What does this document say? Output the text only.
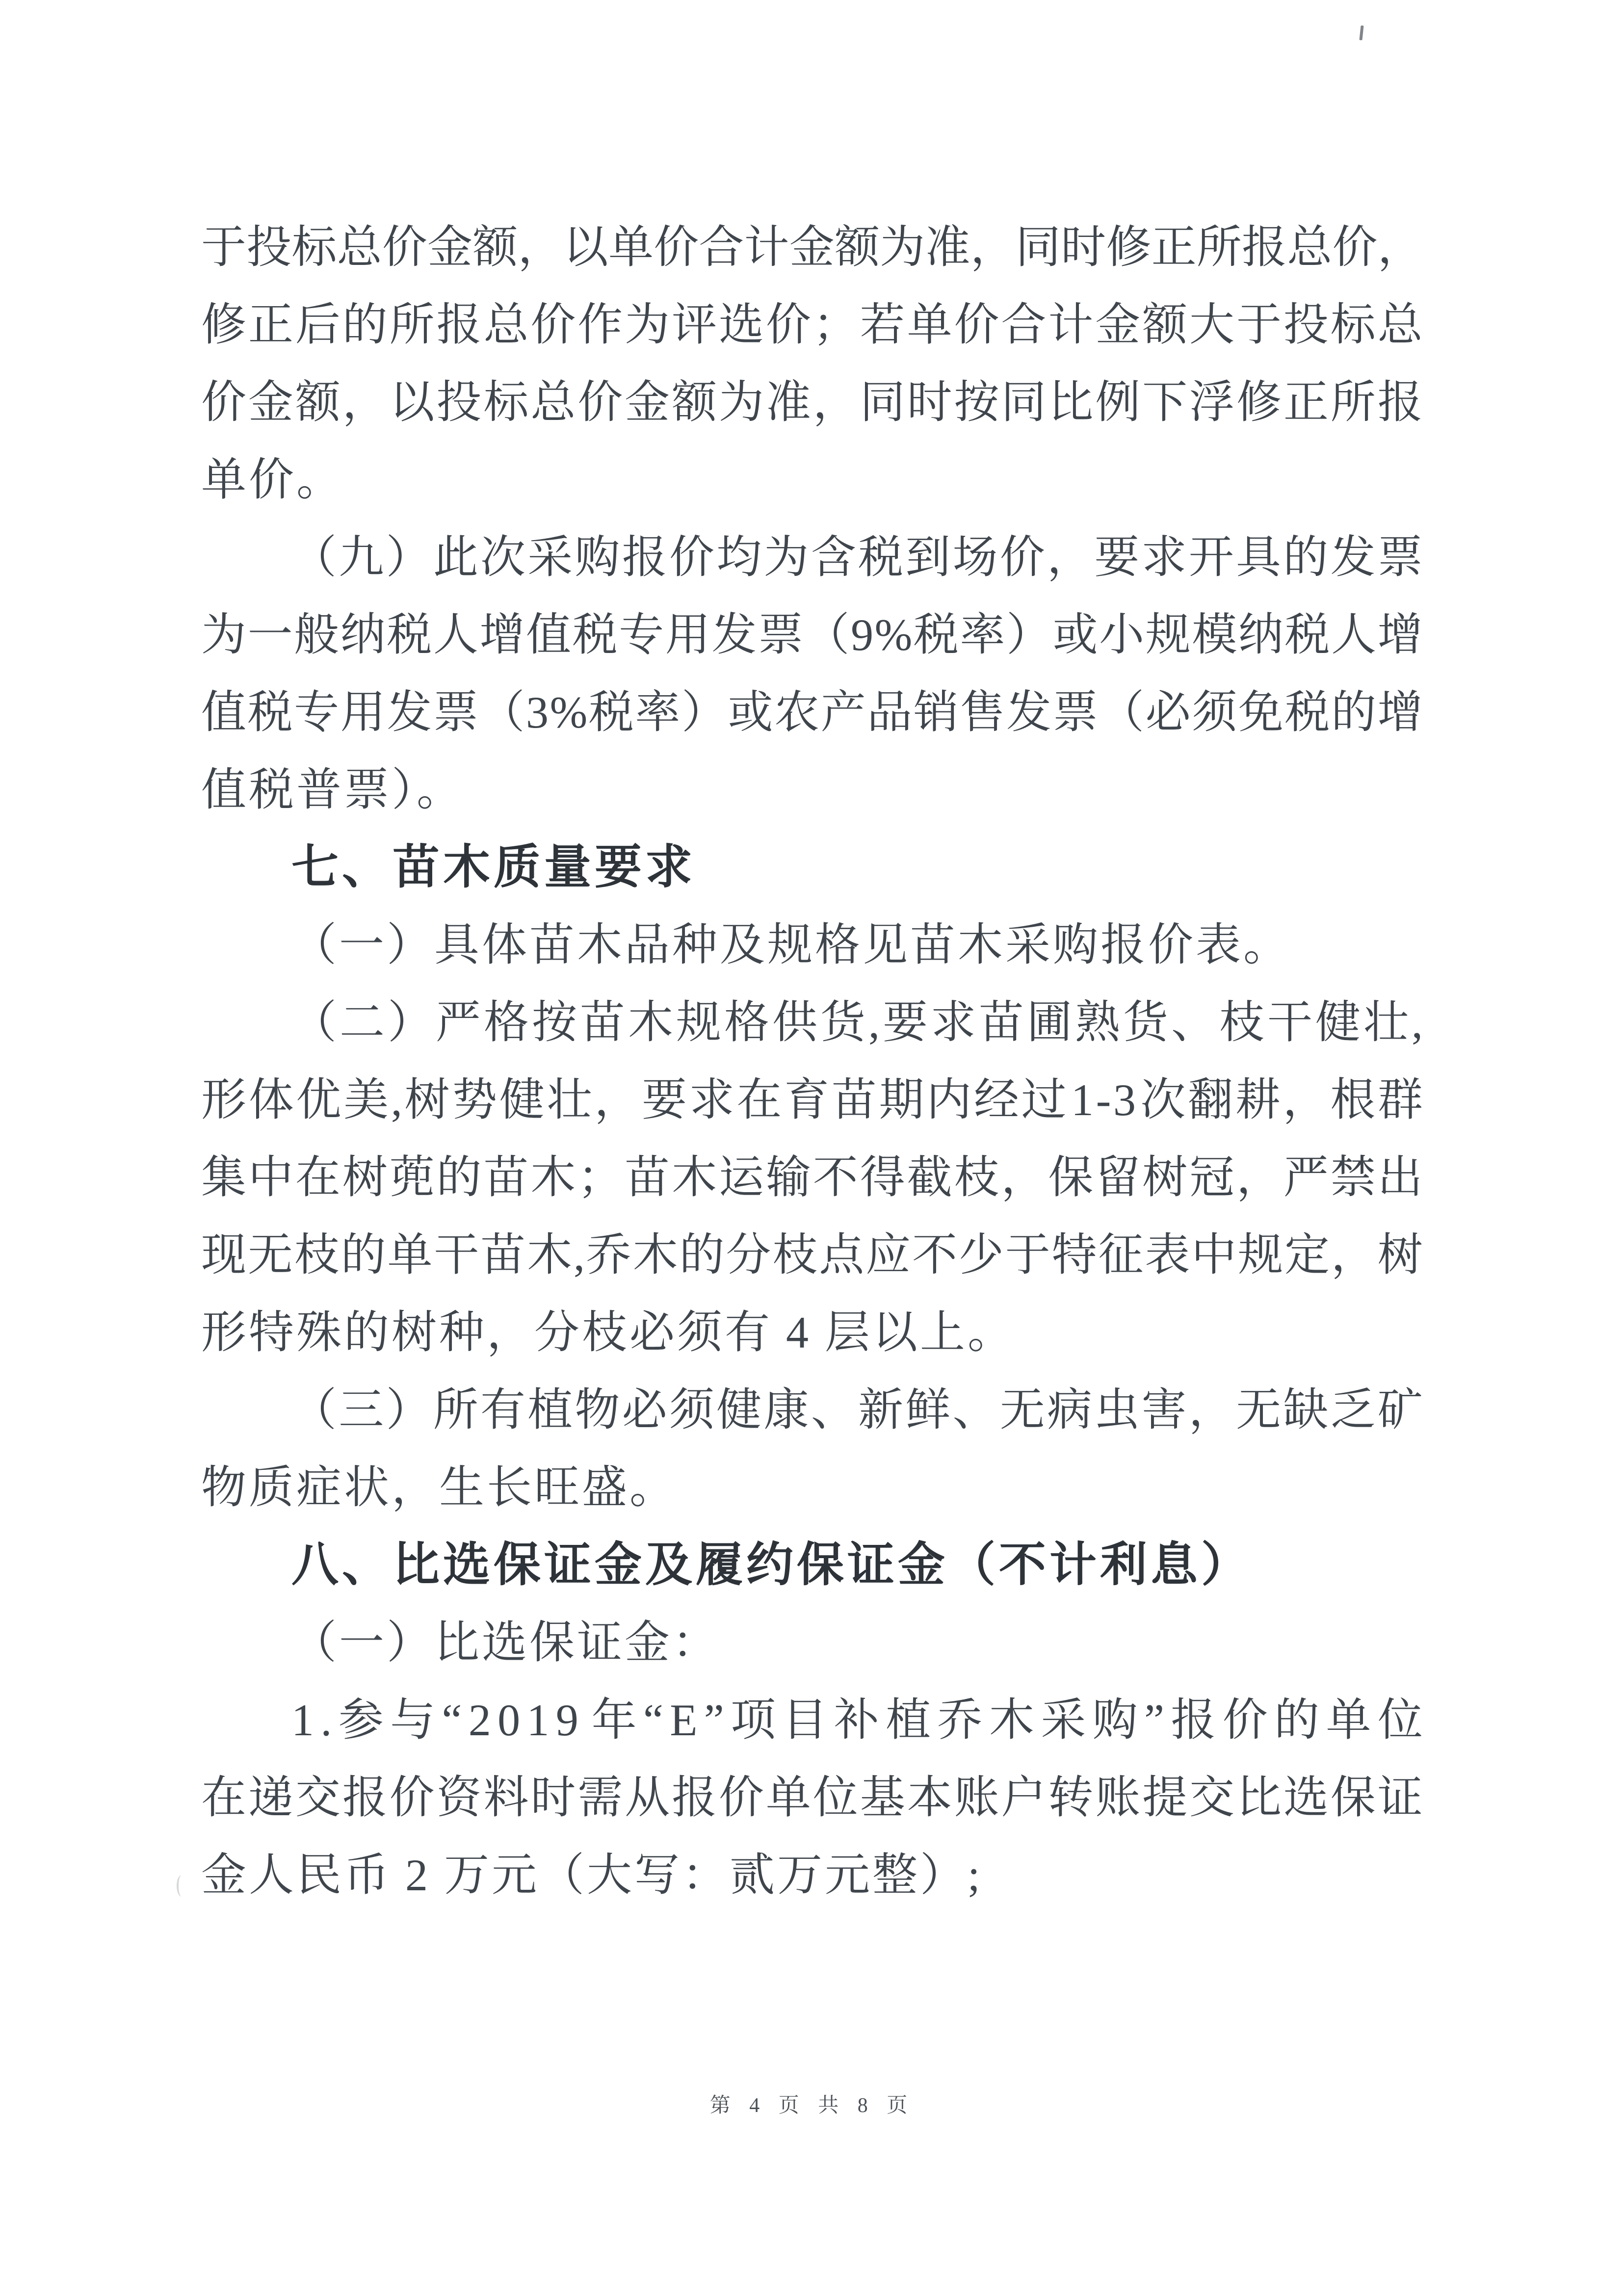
于 投 标 总 价 金 额 ， 以 单 价 合 计 金 额 为 准 ， 同 时 修 正 所 报 总 价 ，
修 正 后 的 所 报 总 价 作 为 评 选 价 ； 若 单 价 合 计 金 额 大 于 投 标 总
价 金 额 ， 以 投 标 总 价 金 额 为 准 ， 同 时 按 同 比 例 下 浮 修 正 所 报
单价。
（ 九 ） 此 次 采 购 报 价 均 为 含 税 到 场 价 ， 要 求 开 具 的 发 票
为 一 般 纳 税 人 增 值 税 专 用 发 票 （ 9 % 税 率 ） 或 小 规 模 纳 税 人 增
值 税 专 用 发 票 （ 3 % 税 率 ） 或 农 产 品 销 售 发 票 （ 必 须 免 税 的 增
值税普票）。
七、苗木质量要求
（一）具体苗木品种及规格见苗木采购报价表。
（ 二 ） 严 格 按 苗 木 规 格 供 货 , 要 求 苗 圃 熟 货 、 枝 干 健 壮 ,
形 体 优 美 , 树 势 健 壮 ， 要 求 在 育 苗 期 内 经 过 1 - 3 次 翻 耕 ， 根 群
集 中 在 树 蔸 的 苗 木 ； 苗 木 运 输 不 得 截 枝 ， 保 留 树 冠 ， 严 禁 出
现 无 枝 的 单 干 苗 木 , 乔 木 的 分 枝 点 应 不 少 于 特 征 表 中 规 定 ， 树
形特殊的树种，分枝必须有 4 层以上。
（ 三 ） 所 有 植 物 必 须 健 康 、 新 鲜 、 无 病 虫 害 ， 无 缺 乏 矿
物质症状，生长旺盛。
八、比选保证金及履约保证金（不计利息）
（一）比选保证金：
1 . 参 与 “ 2 0 1 9 年 “ E ” 项 目 补 植 乔 木 采 购 ” 报 价 的 单 位
在 递 交 报 价 资 料 时 需 从 报 价 单 位 基 本 账 户 转 账 提 交 比 选 保 证
金人民币 2 万元（大写：贰万元整）;
第 4 页 共 8 页
